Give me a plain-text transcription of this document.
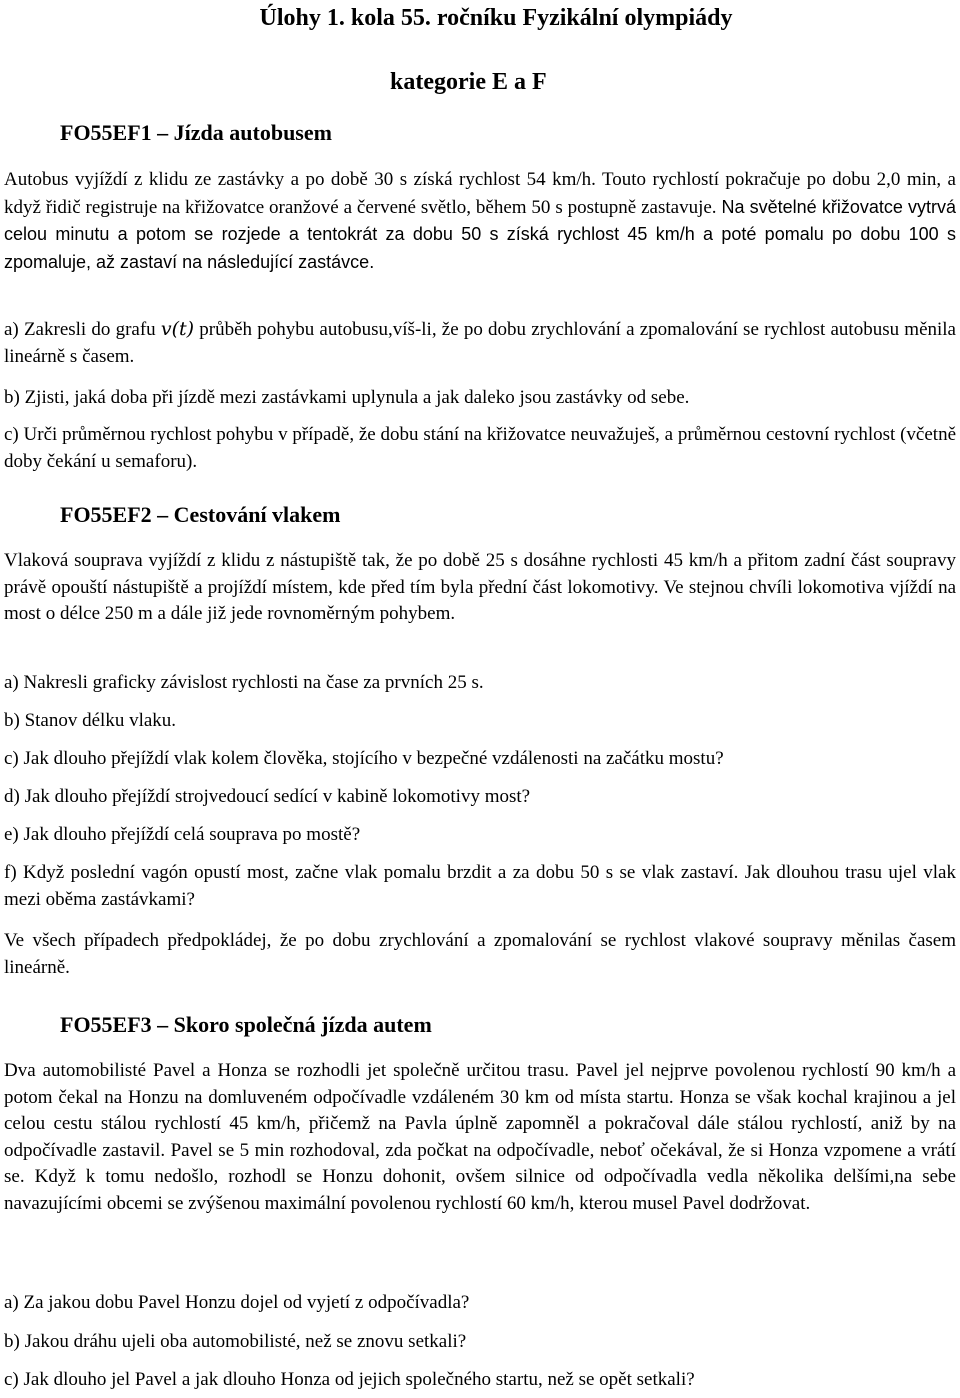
Úlohy 1. kola 55. ročníku Fyzikální olympiády
kategorie E a F
FO55EF1 – Jízda autobusem
Autobus vyjíždí z klidu ze zastávky a po době 30 s získá rychlost 54 km/h. Touto rychlostí pokračuje po dobu 2,0 min, a když řidič registruje na křižovatce oranžové a červené světlo, během 50 s postupně zastavuje. Na světelné křižovatce vytrvá celou minutu a potom se rozjede a tentokrát za dobu 50 s získá rychlost 45 km/h a poté pomalu po dobu 100 s zpomaluje, až zastaví na následující zastávce.
a) Zakresli do grafu v(t) průběh pohybu autobusu,víš-li, že po dobu zrychlování a zpomalování se rychlost autobusu měnila lineárně s časem.
b) Zjisti, jaká doba při jízdě mezi zastávkami uplynula a jak daleko jsou zastávky od sebe.
c) Urči průměrnou rychlost pohybu v případě, že dobu stání na křižovatce neuvažuješ, a průměrnou cestovní rychlost (včetně doby čekání u semaforu).
FO55EF2 – Cestování vlakem
Vlaková souprava vyjíždí z klidu z nástupiště tak, že po době 25 s dosáhne rychlosti 45 km/h a přitom zadní část soupravy právě opouští nástupiště a projíždí místem, kde před tím byla přední část lokomotivy. Ve stejnou chvíli lokomotiva vjíždí na most o délce 250 m a dále již jede rovnoměrným pohybem.
a) Nakresli graficky závislost rychlosti na čase za prvních 25 s.
b) Stanov délku vlaku.
c) Jak dlouho přejíždí vlak kolem člověka, stojícího v bezpečné vzdálenosti na začátku mostu?
d) Jak dlouho přejíždí strojvedoucí sedící v kabině lokomotivy most?
e) Jak dlouho přejíždí celá souprava po mostě?
f) Když poslední vagón opustí most, začne vlak pomalu brzdit a za dobu 50 s se vlak zastaví. Jak dlouhou trasu ujel vlak mezi oběma zastávkami?
Ve všech případech předpokládej, že po dobu zrychlování a zpomalování se rychlost vlakové soupravy měnilas časem lineárně.
FO55EF3 – Skoro společná jízda autem
Dva automobilisté Pavel a Honza se rozhodli jet společně určitou trasu. Pavel jel nejprve povolenou rychlostí 90 km/h a potom čekal na Honzu na domluveném odpočívadle vzdáleném 30 km od místa startu. Honza se však kochal krajinou a jel celou cestu stálou rychlostí 45 km/h, přičemž na Pavla úplně zapomněl a pokračoval dále stálou rychlostí, aniž by na odpočívadle zastavil. Pavel se 5 min rozhodoval, zda počkat na odpočívadle, neboť očekával, že si Honza vzpomene a vrátí se. Když k tomu nedošlo, rozhodl se Honzu dohonit, ovšem silnice od odpočívadla vedla několika delšími,na sebe navazujícími obcemi se zvýšenou maximální povolenou rychlostí 60 km/h, kterou musel Pavel dodržovat.
a) Za jakou dobu Pavel Honzu dojel od vyjetí z odpočívadla?
b) Jakou dráhu ujeli oba automobilisté, než se znovu setkali?
c) Jak dlouho jel Pavel a jak dlouho Honza od jejich společného startu, než se opět setkali?
